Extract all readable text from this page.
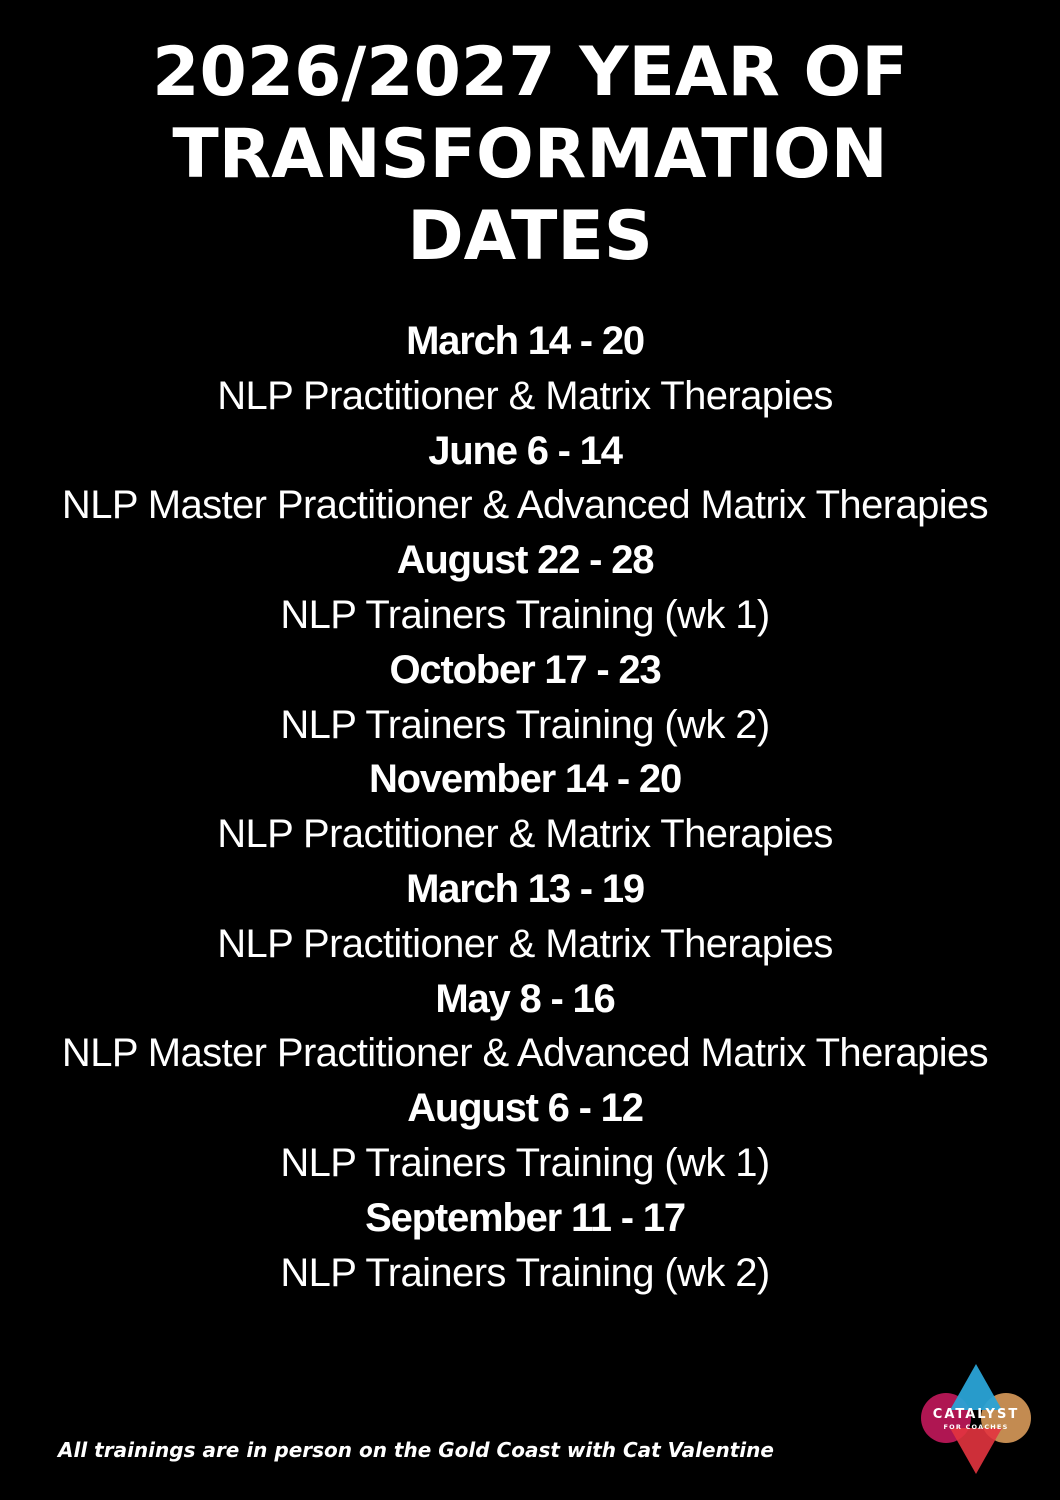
2026/2027 YEAR OF TRANSFORMATION DATES

March 14 - 20

NLP Practitioner & Matrix Therapies

June 6 - 14

NLP Master Practitioner & Advanced Matrix Therapies

August 22 - 28

NLP Trainers Training (wk 1)

October 17 - 23

NLP Trainers Training (wk 2)

November 14 - 20

NLP Practitioner & Matrix Therapies

March 13 - 19

NLP Practitioner & Matrix Therapies

May 8 - 16

NLP Master Practitioner & Advanced Matrix Therapies

August 6 - 12

NLP Trainers Training (wk 1)

September 11 - 17

NLP Trainers Training (wk 2)

All trainings are in person on the Gold Coast with Cat Valentine
CATALYST
FOR COACHES
